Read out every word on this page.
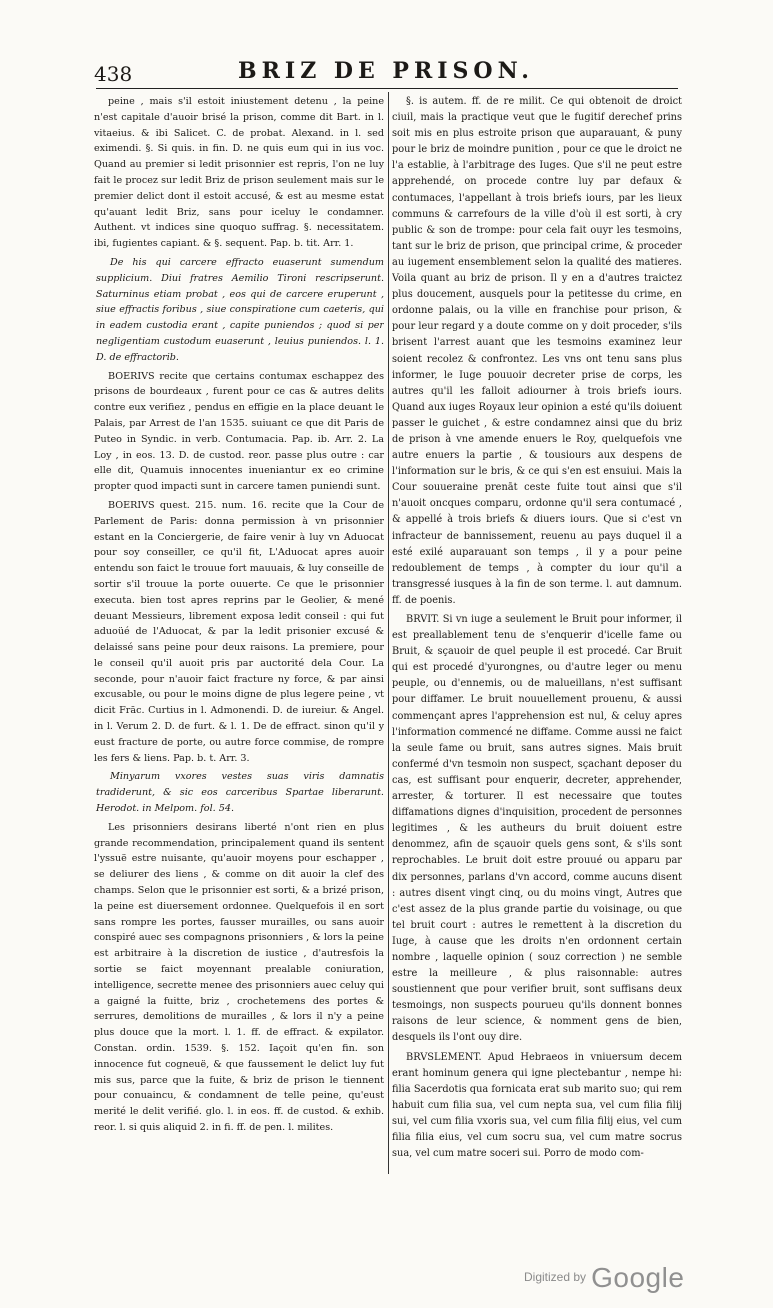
438	BRIZ DE PRISON.

peine , mais s'il estoit iniustement detenu , la peine n'est capitale d'auoir brisé la prison, comme dit Bart. in l. vitaeius. & ibi Salicet. C. de probat. Alexand. in l. sed eximendi. §. Si quis. in fin. D. ne quis eum qui in ius voc. Quand au premier si ledit prisonnier est repris, l'on ne luy fait le procez sur ledit Briz de prison seulement mais sur le premier delict dont il estoit accusé, & est au mesme estat qu'auant ledit Briz, sans pour iceluy le condamner. Authent. vt indices sine quoquo suffrag. §. necessitatem. ibi, fugientes capiant. & §. sequent. Pap. b. tit. Arr. 1.

De his qui carcere effracto euaserunt sumendum supplicium. Diui fratres Aemilio Tironi rescripserunt. Saturninus etiam probat , eos qui de carcere eruperunt , siue effractis foribus , siue conspiratione cum caeteris, qui in eadem custodia erant , capite puniendos ; quod si per negligentiam custodum euaserunt , leuius puniendos. l. 1. D. de effractorib.

BOERIVS recite que certains contumax eschappez des prisons de bourdeaux , furent pour ce cas & autres delits contre eux verifiez , pendus en effigie en la place deuant le Palais, par Arrest de l'an 1535. suiuant ce que dit Paris de Puteo in Syndic. in verb. Contumacia. Pap. ib. Arr. 2. La Loy , in eos. 13. D. de custod. reor. passe plus outre : car elle dit, Quamuis innocentes inueniantur ex eo crimine propter quod impacti sunt in carcere tamen puniendi sunt.

BOERIVS quest. 215. num. 16. recite que la Cour de Parlement de Paris: donna permission à vn prisonnier estant en la Conciergerie, de faire venir à luy vn Aduocat pour soy conseiller, ce qu'il fit, L'Aduocat apres auoir entendu son faict le trouue fort mauuais, & luy conseille de sortir s'il trouue la porte ouuerte. Ce que le prisonnier executa. bien tost apres reprins par le Geolier, & mené deuant Messieurs, librement exposa ledit conseil : qui fut aduoüé de l'Aduocat, & par la ledit prisonier excusé & delaissé sans peine pour deux raisons. La premiere, pour le conseil qu'il auoit pris par auctorité dela Cour. La seconde, pour n'auoir faict fracture ny force, & par ainsi excusable, ou pour le moins digne de plus legere peine , vt dicit Frāc. Curtius in l. Admonendi. D. de iureiur. & Angel. in l. Verum 2. D. de furt. & l. 1. De de effract. sinon qu'il y eust fracture de porte, ou autre force commise, de rompre les fers & liens. Pap. b. t. Arr. 3.

Minyarum vxores vestes suas viris damnatis tradiderunt, & sic eos carceribus Spartae liberarunt. Herodot. in Melpom. fol. 54.

Les prisonniers desirans liberté n'ont rien en plus grande recommendation, principalement quand ils sentent l'yssuë estre nuisante, qu'auoir moyens pour eschapper , se deliurer des liens , & comme on dit auoir la clef des champs. Selon que le prisonnier est sorti, & a brizé prison, la peine est diuersement ordonnee. Quelquefois il en sort sans rompre les portes, fausser murailles, ou sans auoir conspiré auec ses compagnons prisonniers , & lors la peine est arbitraire à la discretion de iustice , d'autresfois la sortie se faict moyennant prealable coniuration, intelligence, secrette menee des prisonniers auec celuy qui a gaigné la fuitte, briz , crochetemens des portes & serrures, demolitions de murailles , & lors il n'y a peine plus douce que la mort. l. 1. ff. de effract. & expilator. Constan. ordin. 1539. §. 152. Iaçoit qu'en fin. son innocence fut cogneuë, & que faussement le delict luy fut mis sus, parce que la fuite, & briz de prison le tiennent pour conuaincu, & condamnent de telle peine, qu'eust merité le delit verifié. glo. l. in eos. ff. de custod. & exhib. reor. l. si quis aliquid 2. in fi. ff. de pen. l. milites.

§. is autem. ff. de re milit. Ce qui obtenoit de droict ciuil, mais la practique veut que le fugitif derechef prins soit mis en plus estroite prison que auparauant, & puny pour le briz de moindre punition , pour ce que le droict ne l'a establie, à l'arbitrage des Iuges. Que s'il ne peut estre apprehendé, on procede contre luy par defaux & contumaces, l'appellant à trois briefs iours, par les lieux communs & carrefours de la ville d'où il est sorti, à cry public & son de trompe: pour cela fait ouyr les tesmoins, tant sur le briz de prison, que principal crime, & proceder au iugement ensemblement selon la qualité des matieres. Voila quant au briz de prison. Il y en a d'autres traictez plus doucement, ausquels pour la petitesse du crime, en ordonne palais, ou la ville en franchise pour prison, & pour leur regard y a doute comme on y doit proceder, s'ils brisent l'arrest auant que les tesmoins examinez leur soient recolez & confrontez. Les vns ont tenu sans plus informer, le Iuge pouuoir decreter prise de corps, les autres qu'il les falloit adiourner à trois briefs iours. Quand aux iuges Royaux leur opinion a esté qu'ils doiuent passer le guichet , & estre condamnez ainsi que du briz de prison à vne amende enuers le Roy, quelquefois vne autre enuers la partie , & tousiours aux despens de l'information sur le bris, & ce qui s'en est ensuiui. Mais la Cour souueraine prenāt ceste fuite tout ainsi que s'il n'auoit oncques comparu, ordonne qu'il sera contumacé , & appellé à trois briefs & diuers iours. Que si c'est vn infracteur de bannissement, reuenu au pays duquel il a esté exilé auparauant son temps , il y a pour peine redoublement de temps , à compter du iour qu'il a transgressé iusques à la fin de son terme. l. aut damnum. ff. de poenis.

BRVIT. Si vn iuge a seulement le Bruit pour informer, il est preallablement tenu de s'enquerir d'icelle fame ou Bruit, & sçauoir de quel peuple il est procedé. Car Bruit qui est procedé d'yurongnes, ou d'autre leger ou menu peuple, ou d'ennemis, ou de malueillans, n'est suffisant pour diffamer. Le bruit nouuellement prouenu, & aussi commençant apres l'apprehension est nul, & celuy apres l'information commencé ne diffame. Comme aussi ne faict la seule fame ou bruit, sans autres signes. Mais bruit confermé d'vn tesmoin non suspect, sçachant deposer du cas, est suffisant pour enquerir, decreter, apprehender, arrester, & torturer. Il est necessaire que toutes diffamations dignes d'inquisition, procedent de personnes legitimes , & les autheurs du bruit doiuent estre denommez, afin de sçauoir quels gens sont, & s'ils sont reprochables. Le bruit doit estre prouué ou apparu par dix personnes, parlans d'vn accord, comme aucuns disent : autres disent vingt cinq, ou du moins vingt, Autres que c'est assez de la plus grande partie du voisinage, ou que tel bruit court : autres le remettent à la discretion du Iuge, à cause que les droits n'en ordonnent certain nombre , laquelle opinion ( souz correction ) ne semble estre la meilleure , & plus raisonnable: autres soustiennent que pour verifier bruit, sont suffisans deux tesmoings, non suspects pourueu qu'ils donnent bonnes raisons de leur science, & nomment gens de bien, desquels ils l'ont ouy dire.

BRVSLEMENT. Apud Hebraeos in vniuersum decem erant hominum genera qui igne plectebantur , nempe hi: filia Sacerdotis qua fornicata erat sub marito suo; qui rem habuit cum filia sua, vel cum nepta sua, vel cum filia filij sui, vel cum filia vxoris sua, vel cum filia filij eius, vel cum filia filia eius, vel cum socru sua, vel cum matre socrus sua, vel cum matre soceri sui. Porro de modo com-

$^{Digitized by}$ Google
